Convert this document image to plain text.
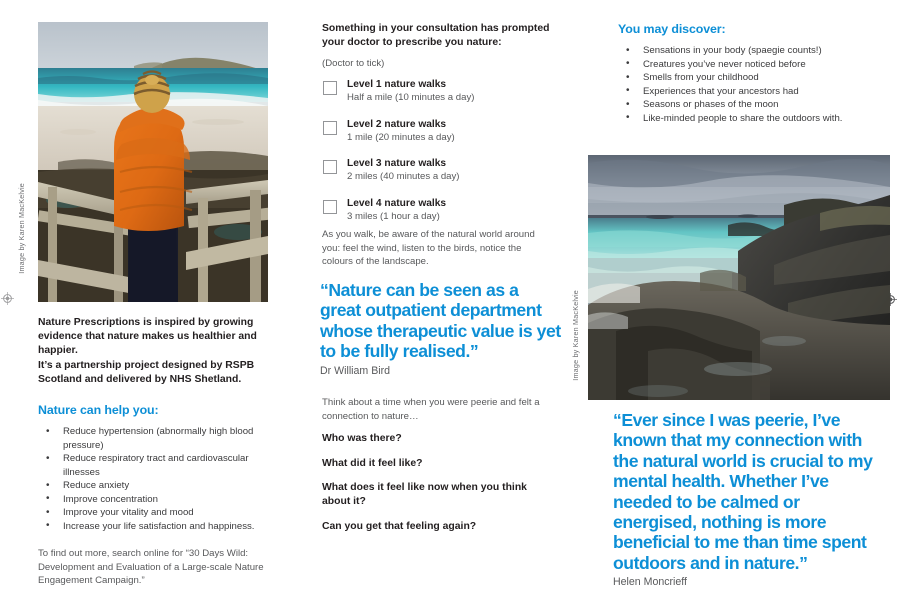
Image by Karen MacKelvie
Nature Prescriptions is inspired by growing evidence that nature makes us healthier and happier.
It’s a partnership project designed by RSPB Scotland and delivered by NHS Shetland.
Nature can help you:
• Reduce hypertension (abnormally high blood pressure)
• Reduce respiratory tract and cardiovascular illnesses
• Reduce anxiety
• Improve concentration
• Improve your vitality and mood
• Increase your life satisfaction and happiness.
To find out more, search online for “30 Days Wild: Development and Evaluation of a Large-scale Nature Engagement Campaign.”
Something in your consultation has prompted your doctor to prescribe you nature:
(Doctor to tick)
Level 1 nature walks
Half a mile (10 minutes a day)
Level 2 nature walks
1 mile (20 minutes a day)
Level 3 nature walks
2 miles (40 minutes a day)
Level 4 nature walks
3 miles (1 hour a day)
As you walk, be aware of the natural world around you: feel the wind, listen to the birds, notice the colours of the landscape.
“Nature can be seen as a great outpatient department whose therapeutic value is yet to be fully realised.”
Dr William Bird	Image by Karen MacKelvie
Think about a time when you were peerie and felt a connection to nature…
Who was there?
What did it feel like?
What does it feel like now when you think about it?
Can you get that feeling again?
You may discover:
• Sensations in your body (spaegie counts!)
• Creatures you’ve never noticed before
• Smells from your childhood
• Experiences that your ancestors had
• Seasons or phases of the moon
• Like-minded people to share the outdoors with.
“Ever since I was peerie, I’ve known that my connection with the natural world is crucial to my mental health. Whether I’ve needed to be calmed or energised, nothing is more beneficial to me than time spent outdoors and in nature.”
Helen Moncrieff
